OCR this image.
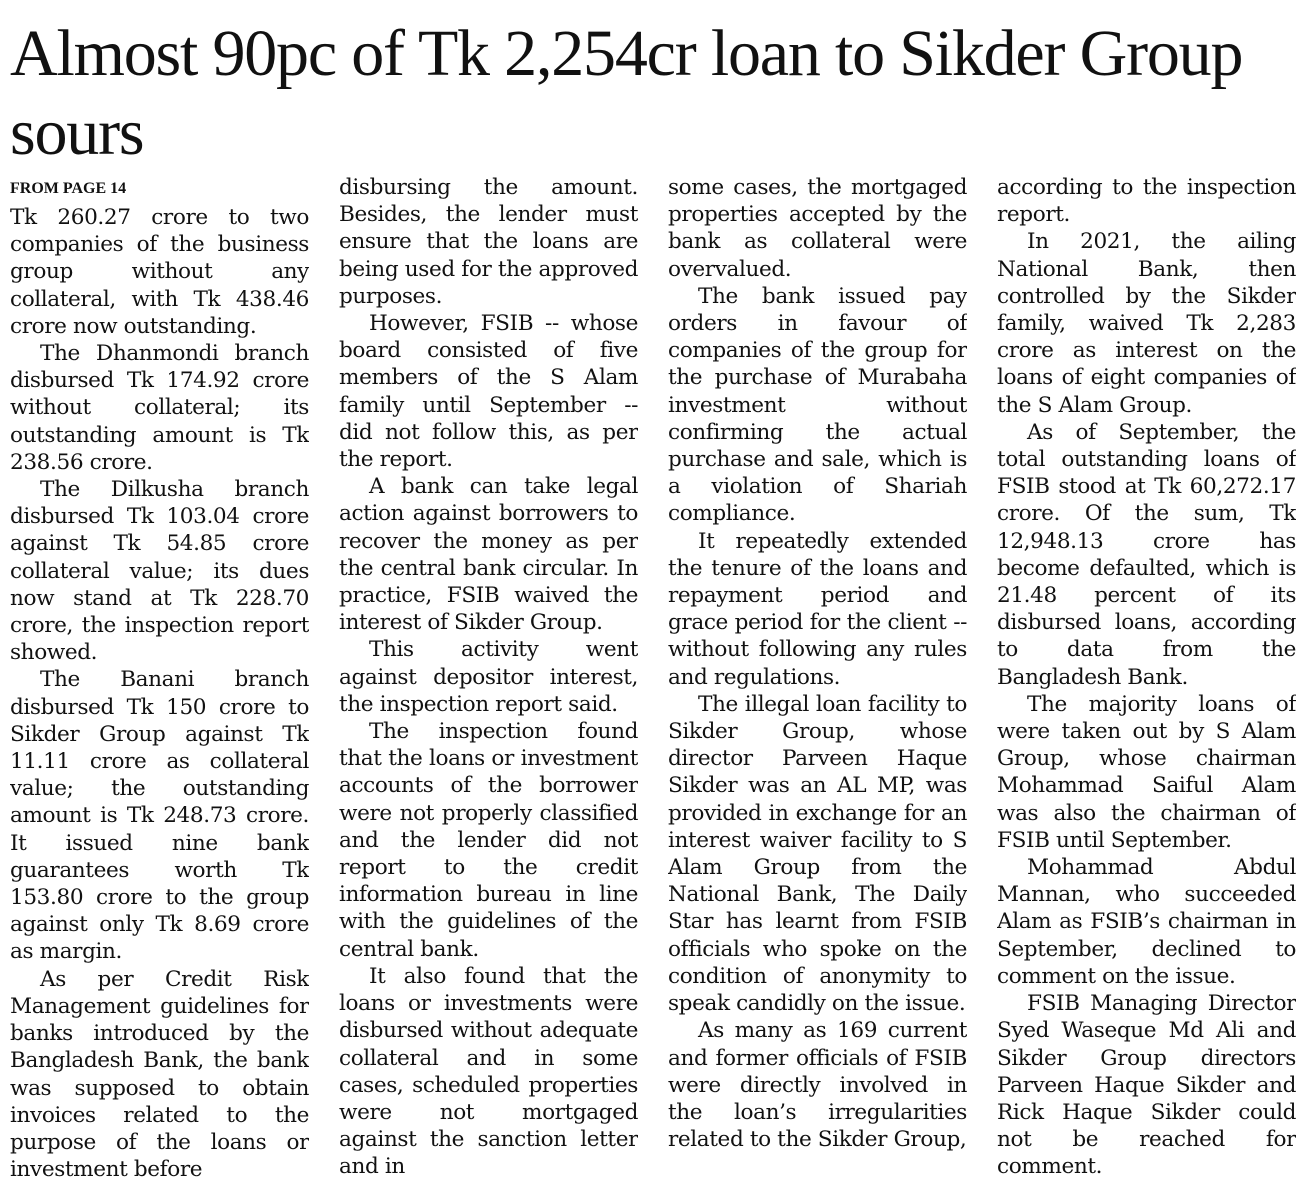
Almost 90pc of Tk 2,254cr loan to Sikder Group sours
FROM PAGE 14

Tk 260.27 crore to two companies of the business group without any collateral, with Tk 438.46 crore now outstanding.

The Dhanmondi branch disbursed Tk 174.92 crore without collateral; its outstanding amount is Tk 238.56 crore.

The Dilkusha branch disbursed Tk 103.04 crore against Tk 54.85 crore collateral value; its dues now stand at Tk 228.70 crore, the inspection report showed.

The Banani branch disbursed Tk 150 crore to Sikder Group against Tk 11.11 crore as collateral value; the outstanding amount is Tk 248.73 crore. It issued nine bank guarantees worth Tk 153.80 crore to the group against only Tk 8.69 crore as margin.

As per Credit Risk Management guidelines for banks introduced by the Bangladesh Bank, the bank was supposed to obtain invoices related to the purpose of the loans or investment before

disbursing the amount. Besides, the lender must ensure that the loans are being used for the approved purposes.

However, FSIB -- whose board consisted of five members of the S Alam family until September -- did not follow this, as per the report.

A bank can take legal action against borrowers to recover the money as per the central bank circular. In practice, FSIB waived the interest of Sikder Group.

This activity went against depositor interest, the inspection report said.

The inspection found that the loans or investment accounts of the borrower were not properly classified and the lender did not report to the credit information bureau in line with the guidelines of the central bank.

It also found that the loans or investments were disbursed without adequate collateral and in some cases, scheduled properties were not mortgaged against the sanction letter and in

some cases, the mortgaged properties accepted by the bank as collateral were overvalued.

The bank issued pay orders in favour of companies of the group for the purchase of Murabaha investment without confirming the actual purchase and sale, which is a violation of Shariah compliance.

It repeatedly extended the tenure of the loans and repayment period and grace period for the client --without following any rules and regulations.

The illegal loan facility to Sikder Group, whose director Parveen Haque Sikder was an AL MP, was provided in exchange for an interest waiver facility to S Alam Group from the National Bank, The Daily Star has learnt from FSIB officials who spoke on the condition of anonymity to speak candidly on the issue.

As many as 169 current and former officials of FSIB were directly involved in the loan’s irregularities related to the Sikder Group,

according to the inspection report.

In 2021, the ailing National Bank, then controlled by the Sikder family, waived Tk 2,283 crore as interest on the loans of eight companies of the S Alam Group.

As of September, the total outstanding loans of FSIB stood at Tk 60,272.17 crore. Of the sum, Tk 12,948.13 crore has become defaulted, which is 21.48 percent of its disbursed loans, according to data from the Bangladesh Bank.

The majority loans of were taken out by S Alam Group, whose chairman Mohammad Saiful Alam was also the chairman of FSIB until September.

Mohammad Abdul Mannan, who succeeded Alam as FSIB’s chairman in September, declined to comment on the issue.

FSIB Managing Director Syed Waseque Md Ali and Sikder Group directors Parveen Haque Sikder and Rick Haque Sikder could not be reached for comment.
